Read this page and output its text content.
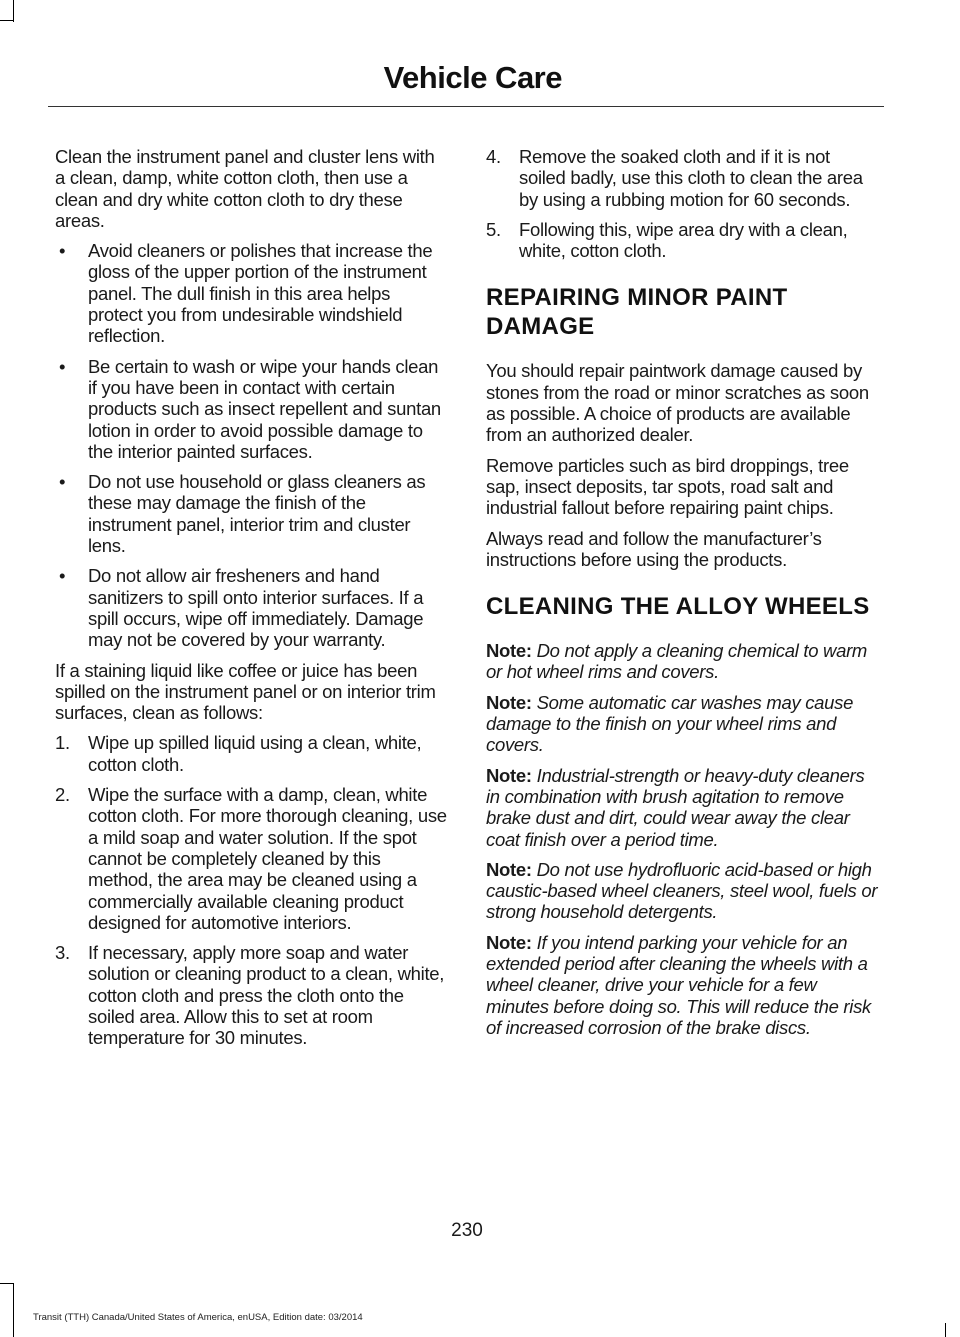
Vehicle Care

Clean the instrument panel and cluster lens with a clean, damp, white cotton cloth, then use a clean and dry white cotton cloth to dry these areas.

•	Avoid cleaners or polishes that increase the gloss of the upper portion of the instrument panel. The dull finish in this area helps protect you from undesirable windshield reflection.
•	Be certain to wash or wipe your hands clean if you have been in contact with certain products such as insect repellent and suntan lotion in order to avoid possible damage to the interior painted surfaces.
•	Do not use household or glass cleaners as these may damage the finish of the instrument panel, interior trim and cluster lens.
•	Do not allow air fresheners and hand sanitizers to spill onto interior surfaces. If a spill occurs, wipe off immediately. Damage may not be covered by your warranty.

If a staining liquid like coffee or juice has been spilled on the instrument panel or on interior trim surfaces, clean as follows:

1. Wipe up spilled liquid using a clean, white, cotton cloth.
2. Wipe the surface with a damp, clean, white cotton cloth. For more thorough cleaning, use a mild soap and water solution. If the spot cannot be completely cleaned by this method, the area may be cleaned using a commercially available cleaning product designed for automotive interiors.
3. If necessary, apply more soap and water solution or cleaning product to a clean, white, cotton cloth and press the cloth onto the soiled area. Allow this to set at room temperature for 30 minutes.
4. Remove the soaked cloth and if it is not soiled badly, use this cloth to clean the area by using a rubbing motion for 60 seconds.
5. Following this, wipe area dry with a clean, white, cotton cloth.
REPAIRING MINOR PAINT DAMAGE

You should repair paintwork damage caused by stones from the road or minor scratches as soon as possible. A choice of products are available from an authorized dealer.

Remove particles such as bird droppings, tree sap, insect deposits, tar spots, road salt and industrial fallout before repairing paint chips.

Always read and follow the manufacturer’s instructions before using the products.

CLEANING THE ALLOY WHEELS

Note: Do not apply a cleaning chemical to warm or hot wheel rims and covers.

Note: Some automatic car washes may cause damage to the finish on your wheel rims and covers.

Note: Industrial-strength or heavy-duty cleaners in combination with brush agitation to remove brake dust and dirt, could wear away the clear coat finish over a period time.

Note: Do not use hydrofluoric acid-based or high caustic-based wheel cleaners, steel wool, fuels or strong household detergents.

Note: If you intend parking your vehicle for an extended period after cleaning the wheels with a wheel cleaner, drive your vehicle for a few minutes before doing so. This will reduce the risk of increased corrosion of the brake discs.

230
Transit (TTH) Canada/United States of America, enUSA, Edition date: 03/2014
